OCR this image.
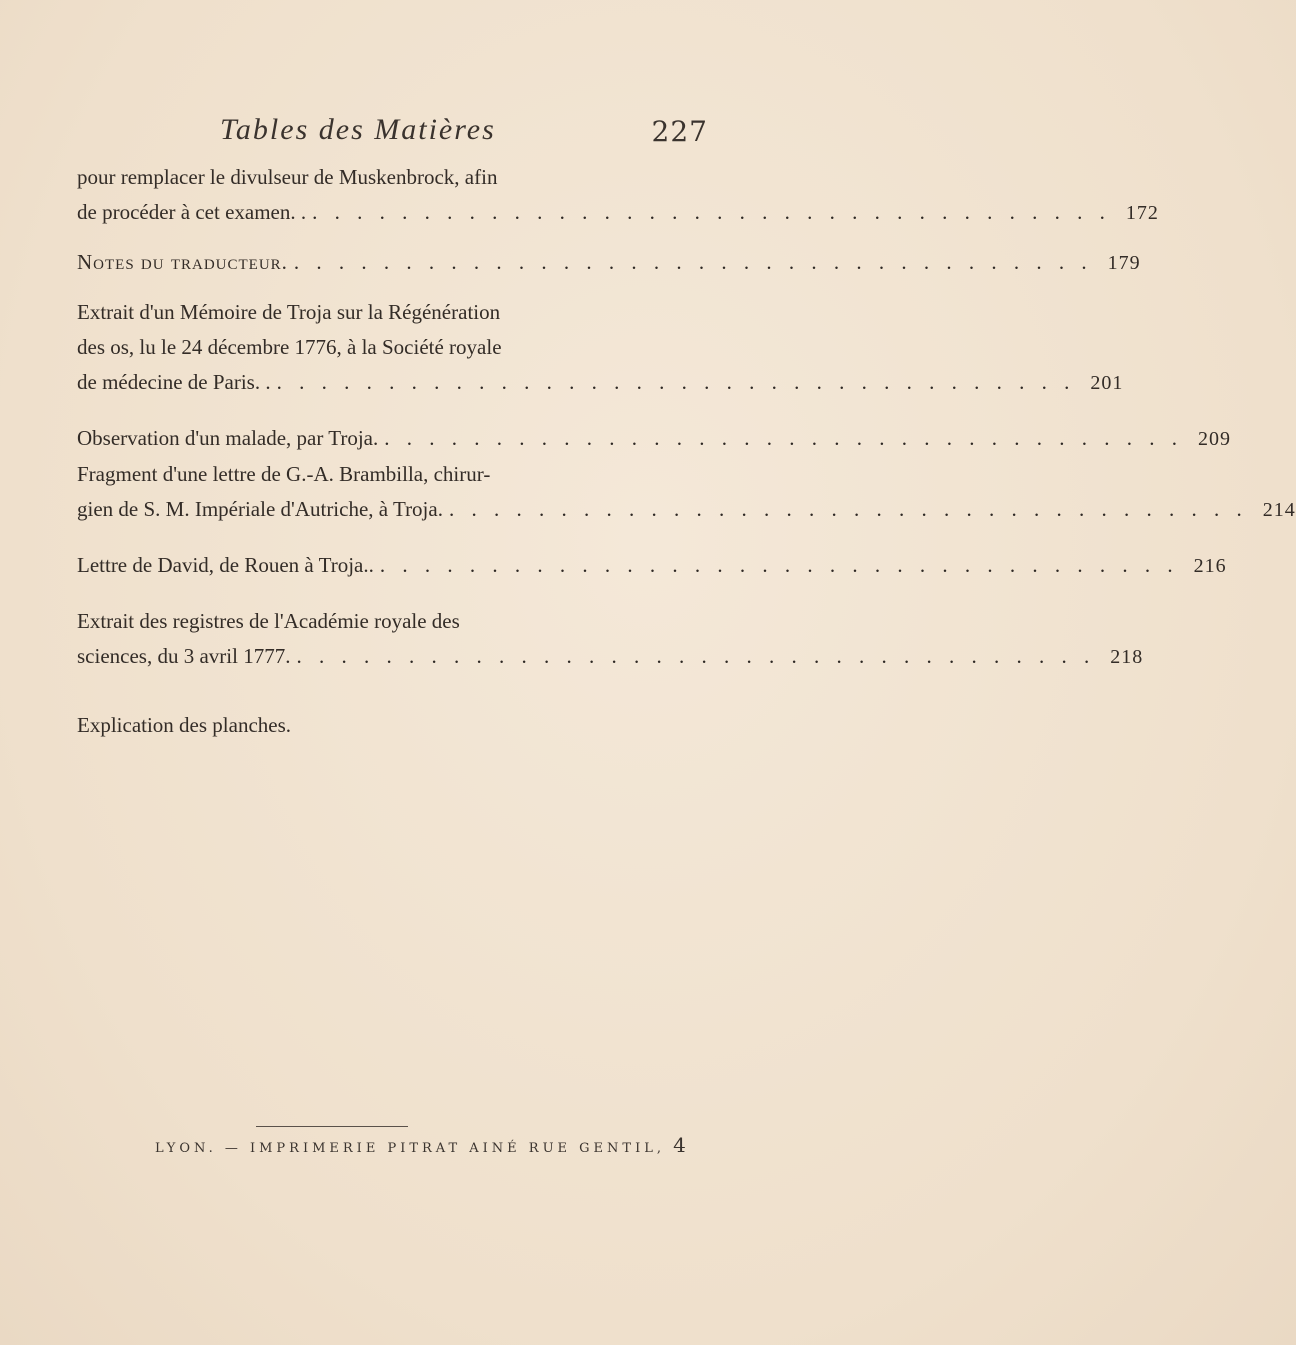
Tables des Matières	227
pour remplacer le divulseur de Muskenbrock, afin
de procéder à cet examen. . . . . . . . . . . . . . . . . . . . . . . . . . . . . . . . . . . . . . 172
Notes du traducteur. . . . . . . . . . . . . . . . . . . . . . . . . . . . . . . . . . . . . 179
Extrait d'un Mémoire de Troja sur la Régénération
des os, lu le 24 décembre 1776, à la Société royale
de médecine de Paris. . . . . . . . . . . . . . . . . . . . . . . . . . . . . . . . . . . . . . 201
Observation d'un malade, par Troja. . . . . . . . . . . . . . . . . . . . . . . . . . . . . . . . . . . . . 209
Fragment d'une lettre de G.-A. Brambilla, chirur-
gien de S. M. Impériale d'Autriche, à Troja. . . . . . . . . . . . . . . . . . . . . . . . . . . . . . . . . . . . . 214
Lettre de David, de Rouen à Troja.. . . . . . . . . . . . . . . . . . . . . . . . . . . . . . . . . . . . . 216
Extrait des registres de l'Académie royale des
sciences, du 3 avril 1777. . . . . . . . . . . . . . . . . . . . . . . . . . . . . . . . . . . . . 218
Explication des planches.
LYON. — IMPRIMERIE PITRAT AINÉ RUE GENTIL, 4
